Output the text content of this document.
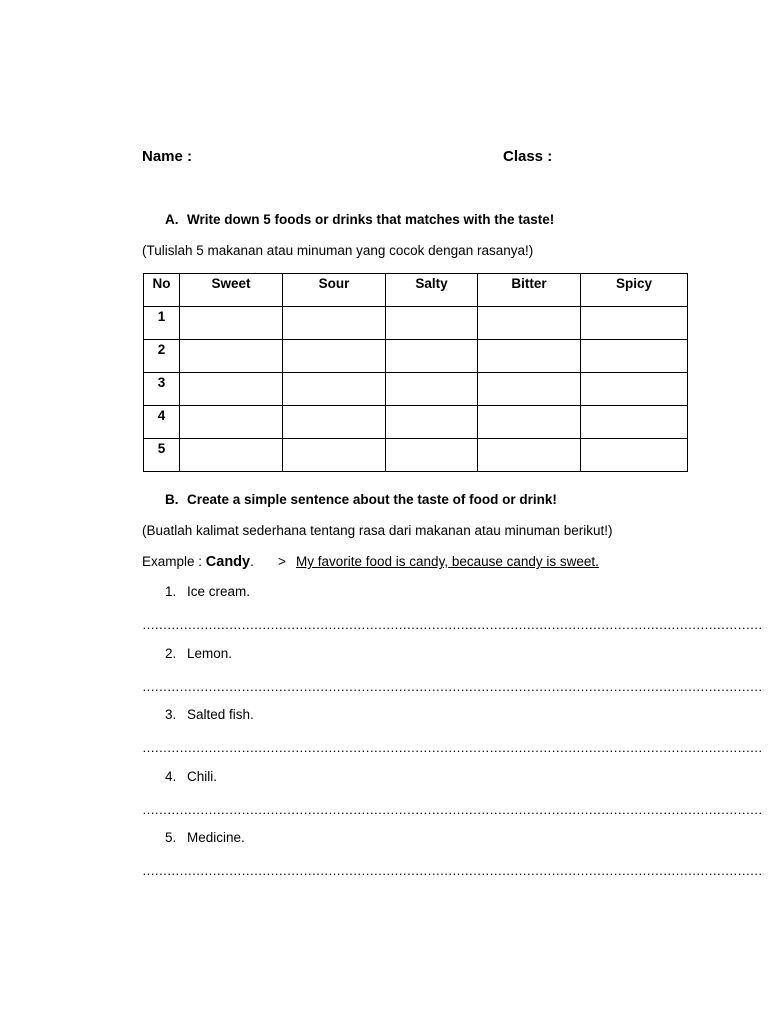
Name :	Class :
A. Write down 5 foods or drinks that matches with the taste!
(Tulislah 5 makanan atau minuman yang cocok dengan rasanya!)
No	Sweet	Sour	Salty	Bitter	Spicy
1					
2					
3					
4					
5					
B. Create a simple sentence about the taste of food or drink!
(Buatlah kalimat sederhana tentang rasa dari makanan atau minuman berikut!)
Example : Candy. > My favorite food is candy, because candy is sweet.
1. Ice cream.
……………………………………………………………………………………………………………………………………
2. Lemon.
……………………………………………………………………………………………………………………………………
3. Salted fish.
……………………………………………………………………………………………………………………………………
4. Chili.
……………………………………………………………………………………………………………………………………
5. Medicine.
……………………………………………………………………………………………………………………………………
